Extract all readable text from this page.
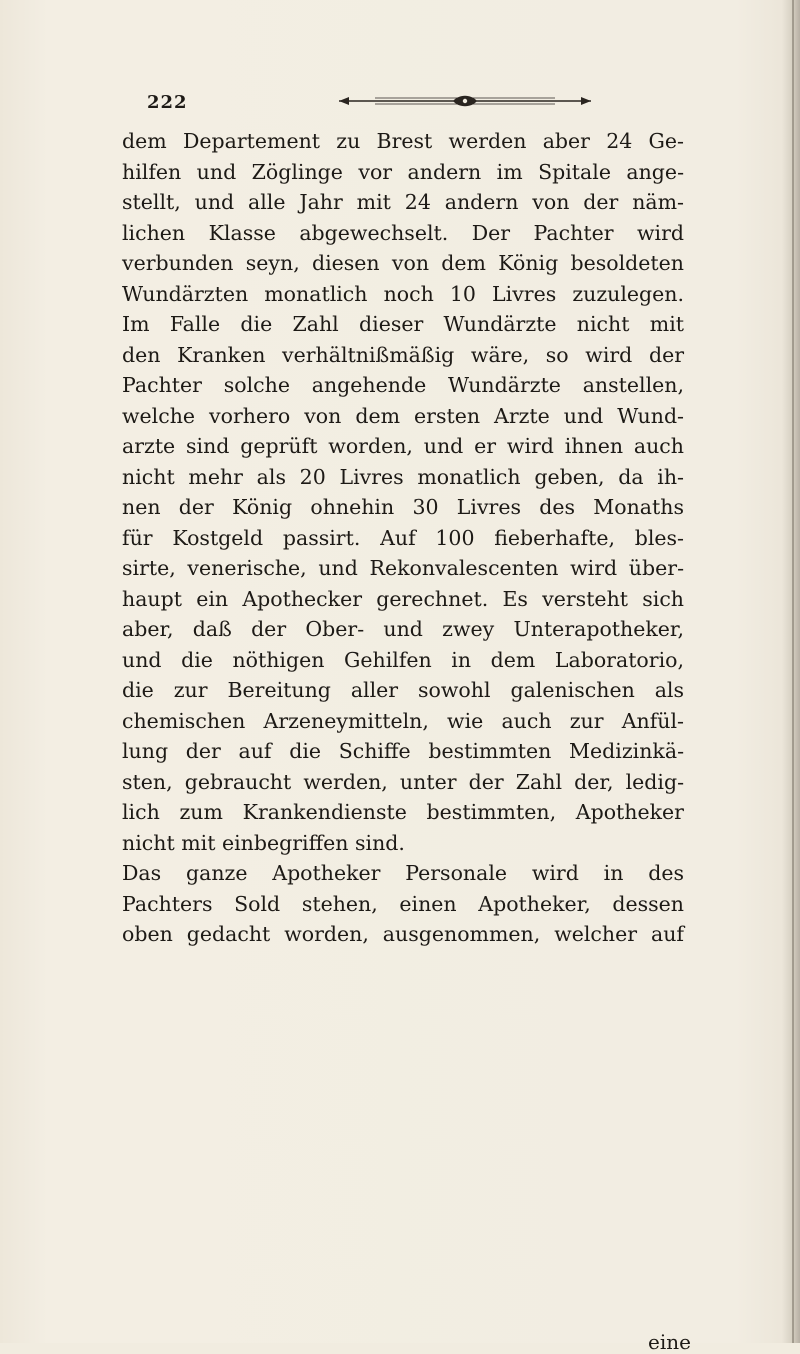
222
dem Departement zu Brest werden aber 24 Ge-
hilfen und Zöglinge vor andern im Spitale ange-
stellt, und alle Jahr mit 24 andern von der näm-
lichen Klasse abgewechselt. Der Pachter wird
verbunden seyn, diesen von dem König besoldeten
Wundärzten monatlich noch 10 Livres zuzulegen.
Im Falle die Zahl dieser Wundärzte nicht mit
den Kranken verhältnißmäßig wäre, so wird der
Pachter solche angehende Wundärzte anstellen,
welche vorhero von dem ersten Arzte und Wund-
arzte sind geprüft worden, und er wird ihnen auch
nicht mehr als 20 Livres monatlich geben, da ih-
nen der König ohnehin 30 Livres des Monaths
für Kostgeld passirt. Auf 100 fieberhafte, bles-
sirte, venerische, und Rekonvalescenten wird über-
haupt ein Apothecker gerechnet. Es versteht sich
aber, daß der Ober- und zwey Unterapotheker,
und die nöthigen Gehilfen in dem Laboratorio,
die zur Bereitung aller sowohl galenischen als
chemischen Arzeneymitteln, wie auch zur Anfül-
lung der auf die Schiffe bestimmten Medizinkä-
sten, gebraucht werden, unter der Zahl der, ledig-
lich zum Krankendienste bestimmten, Apotheker
nicht mit einbegriffen sind.
Das ganze Apotheker Personale wird in des
Pachters Sold stehen, einen Apotheker, dessen
oben gedacht worden, ausgenommen, welcher auf
eine
